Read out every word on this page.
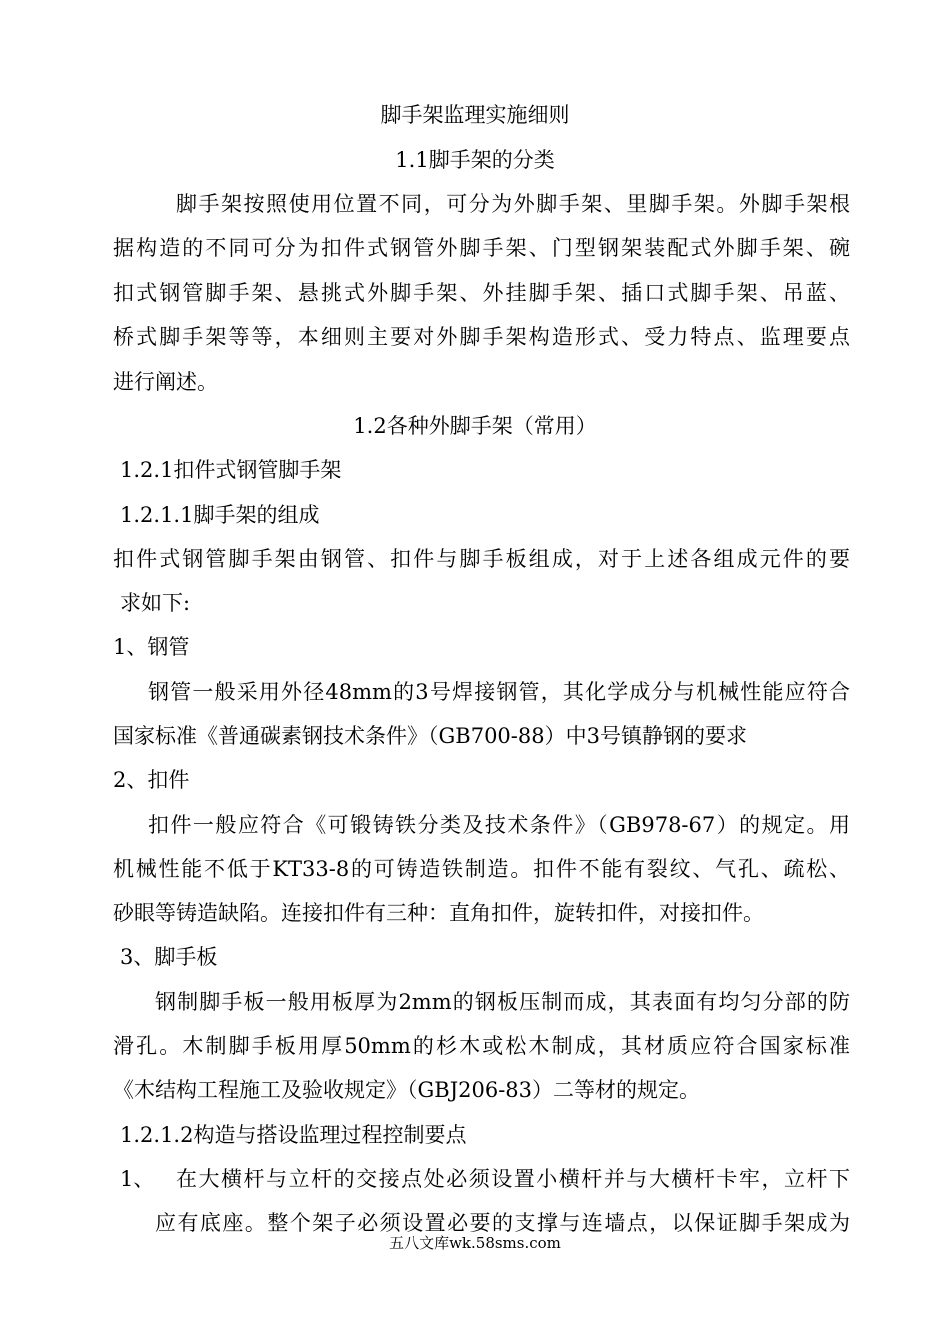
脚手架监理实施细则
1.1脚手架的分类
脚手架按照使用位置不同，可分为外脚手架、里脚手架。外脚手架根
据构造的不同可分为扣件式钢管外脚手架、门型钢架装配式外脚手架、碗
扣式钢管脚手架、悬挑式外脚手架、外挂脚手架、插口式脚手架、吊蓝、
桥式脚手架等等，本细则主要对外脚手架构造形式、受力特点、监理要点
进行阐述。
1.2各种外脚手架（常用）
1.2.1扣件式钢管脚手架
1.2.1.1脚手架的组成
扣件式钢管脚手架由钢管、扣件与脚手板组成，对于上述各组成元件的要
求如下:
1、钢管
钢管一般采用外径48mm的3号焊接钢管，其化学成分与机械性能应符合
国家标准《普通碳素钢技术条件》（GB700-88）中3号镇静钢的要求
2、扣件
扣件一般应符合《可锻铸铁分类及技术条件》（GB978-67）的规定。用
机械性能不低于KT33-8的可铸造铁制造。扣件不能有裂纹、气孔、疏松、
砂眼等铸造缺陷。连接扣件有三种：直角扣件，旋转扣件，对接扣件。
3、脚手板
钢制脚手板一般用板厚为2mm的钢板压制而成，其表面有均匀分部的防
滑孔。木制脚手板用厚50mm的杉木或松木制成，其材质应符合国家标准
《木结构工程施工及验收规定》（GBJ206-83）二等材的规定。
1.2.1.2构造与搭设监理过程控制要点
1、 在大横杆与立杆的交接点处必须设置小横杆并与大横杆卡牢，立杆下
应有底座。整个架子必须设置必要的支撑与连墙点，以保证脚手架成为
五八文库wk.58sms.com
